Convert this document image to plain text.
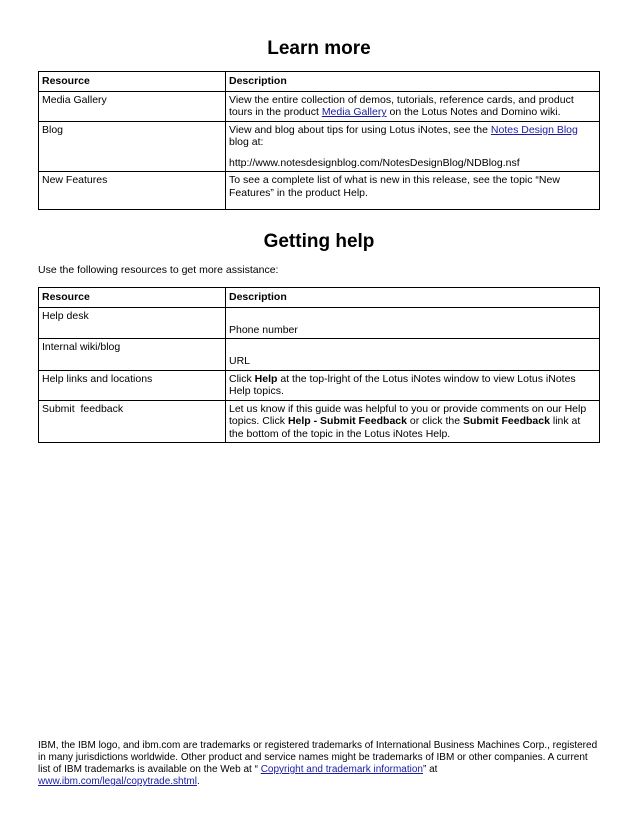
Learn more
Resource	Description
Media Gallery	View the entire collection of demos, tutorials, reference cards, and product tours in the product Media Gallery on the Lotus Notes and Domino wiki.
Blog	View and blog about tips for using Lotus iNotes, see the Notes Design Blog blog at:
http://www.notesdesignblog.com/NotesDesignBlog/NDBlog.nsf
New Features	To see a complete list of what is new in this release, see the topic “New Features” in the product Help.
Getting help
Use the following resources to get more assistance:
Resource	Description
Help desk	Phone number
Internal wiki/blog	URL
Help links and locations	Click Help at the top-lright of the Lotus iNotes window to view Lotus iNotes Help topics.
Submit  feedback	Let us know if this guide was helpful to you or provide comments on our Help topics. Click Help - Submit Feedback or click the Submit Feedback link at the bottom of the topic in the Lotus iNotes Help.
IBM, the IBM logo, and ibm.com are trademarks or registered trademarks of International Business Machines Corp., registered in many jurisdictions worldwide. Other product and service names might be trademarks of IBM or other companies. A current list of IBM trademarks is available on the Web at “ Copyright and trademark information” at www.ibm.com/legal/copytrade.shtml.
